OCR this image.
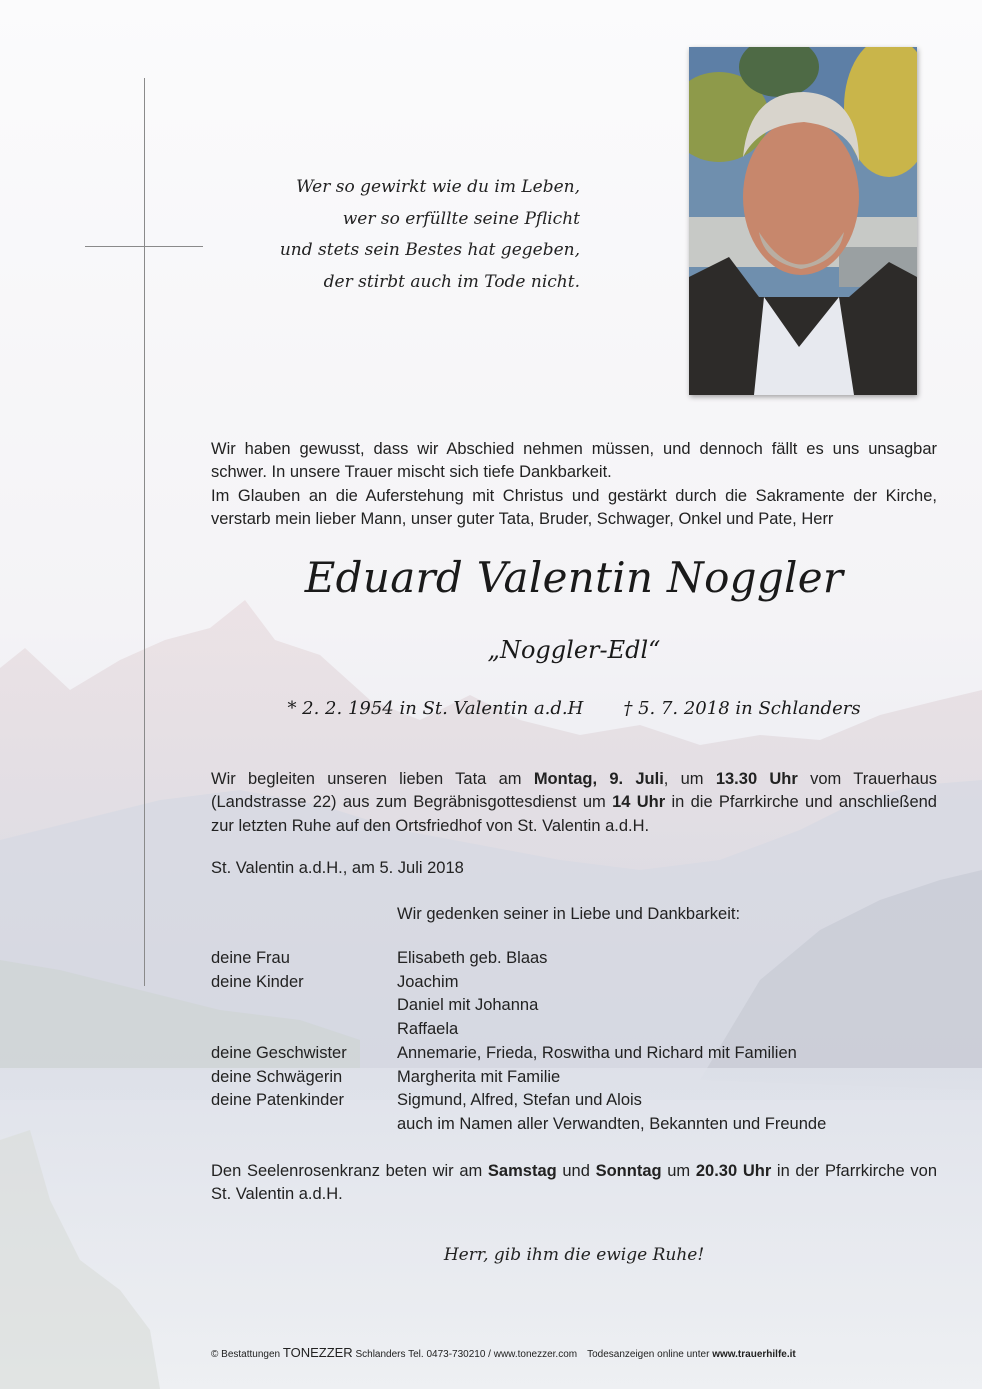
Wer so gewirkt wie du im Leben,
wer so erfüllte seine Pflicht
und stets sein Bestes hat gegeben,
der stirbt auch im Tode nicht.

Wir haben gewusst, dass wir Abschied nehmen müssen, und dennoch fällt es uns unsagbar schwer. In unsere Trauer mischt sich tiefe Dankbarkeit.

Im Glauben an die Auferstehung mit Christus und gestärkt durch die Sakramente der Kirche, verstarb mein lieber Mann, unser guter Tata, Bruder, Schwager, Onkel und Pate, Herr

Eduard Valentin Noggler
„Noggler-Edl“
* 2. 2. 1954 in St. Valentin a.d.H † 5. 7. 2018 in Schlanders
Wir begleiten unseren lieben Tata am Montag, 9. Juli, um 13.30 Uhr vom Trauerhaus (Landstrasse 22) aus zum Begräbnisgottesdienst um 14 Uhr in die Pfarrkirche und anschließend zur letzten Ruhe auf den Ortsfriedhof von St. Valentin a.d.H.
St. Valentin a.d.H., am 5. Juli 2018
Wir gedenken seiner in Liebe und Dankbarkeit:
deine Frau	Elisabeth geb. Blaas
deine Kinder	Joachim
Daniel mit Johanna
Raffaela
deine Geschwister	Annemarie, Frieda, Roswitha und Richard mit Familien
deine Schwägerin	Margherita mit Familie
deine Patenkinder	Sigmund, Alfred, Stefan und Alois
auch im Namen aller Verwandten, Bekannten und Freunde
Den Seelenrosenkranz beten wir am Samstag und Sonntag um 20.30 Uhr in der Pfarrkirche von St. Valentin a.d.H.
Herr, gib ihm die ewige Ruhe!
© Bestattungen TONEZZER Schlanders Tel. 0473-730210 / www.tonezzer.com Todesanzeigen online unter www.trauerhilfe.it
